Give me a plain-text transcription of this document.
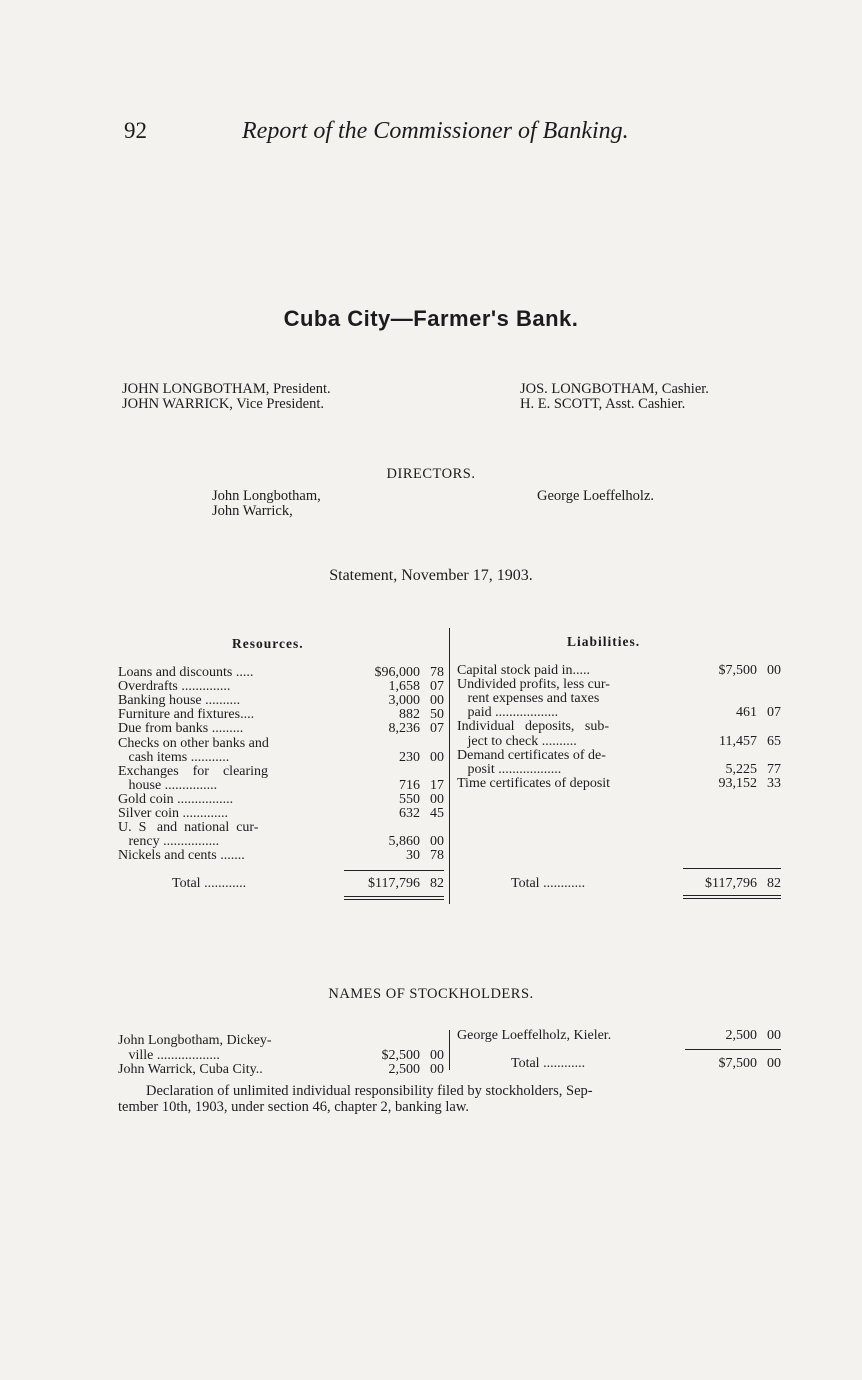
92	Report of the Commissioner of Banking.
Cuba City—Farmer's Bank.
JOHN LONGBOTHAM, President.
JOHN WARRICK, Vice President.
JOS. LONGBOTHAM, Cashier.
H. E. SCOTT, Asst. Cashier.
DIRECTORS.
John Longbotham,
John Warrick,
George Loeffelholz.
Statement, November 17, 1903.
Resources.	Liabilities.
Loans and discounts .....	$96,000 78
Overdrafts ..............	1,658 07
Banking house ..........	3,000 00
Furniture and fixtures....	882 50
Due from banks .........	8,236 07
Checks on other banks and
cash items ...........	230 00
Exchanges    for    clearing
house ...............	716 17
Gold coin ................	550 00
Silver coin .............	632 45
U.  S   and  national  cur-
rency ................	5,860 00
Nickels and cents .......	30 78
Capital stock paid in.....	$7,500 00
Undivided profits, less cur-
rent expenses and taxes
paid ..................	461 07
Individual   deposits,   sub-
ject to check ..........	11,457 65
Demand certificates of de-
posit ..................	5,225 77
Time certificates of deposit	93,152 33
Total ............	$117,796 82	Total ............	$117,796 82
NAMES OF STOCKHOLDERS.
John Longbotham, Dickey-
ville ..................	$2,500 00
John Warrick, Cuba City..	2,500 00
George Loeffelholz, Kieler.	2,500 00
Total ............	$7,500 00
Declaration of unlimited individual responsibility filed by stockholders, Sep-
tember 10th, 1903, under section 46, chapter 2, banking law.
